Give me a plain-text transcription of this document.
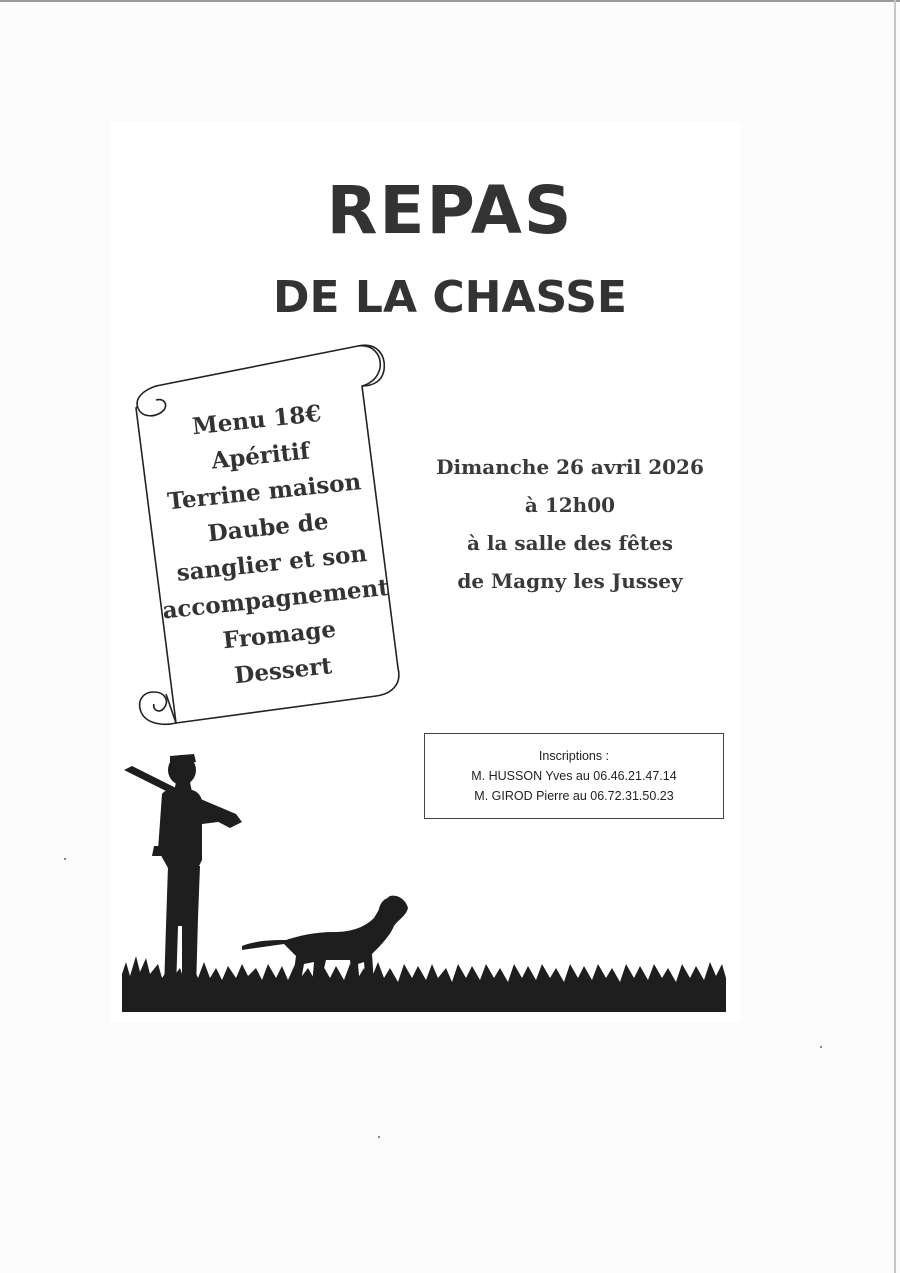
REPAS
DE LA CHASSE
Menu 18€
Apéritif
Terrine maison
Daube de
sanglier et son
accompagnement
Fromage
Dessert
Dimanche 26 avril 2026
à 12h00
à la salle des fêtes
de Magny les Jussey
Inscriptions :
M. HUSSON Yves au 06.46.21.47.14
M. GIROD Pierre au 06.72.31.50.23
